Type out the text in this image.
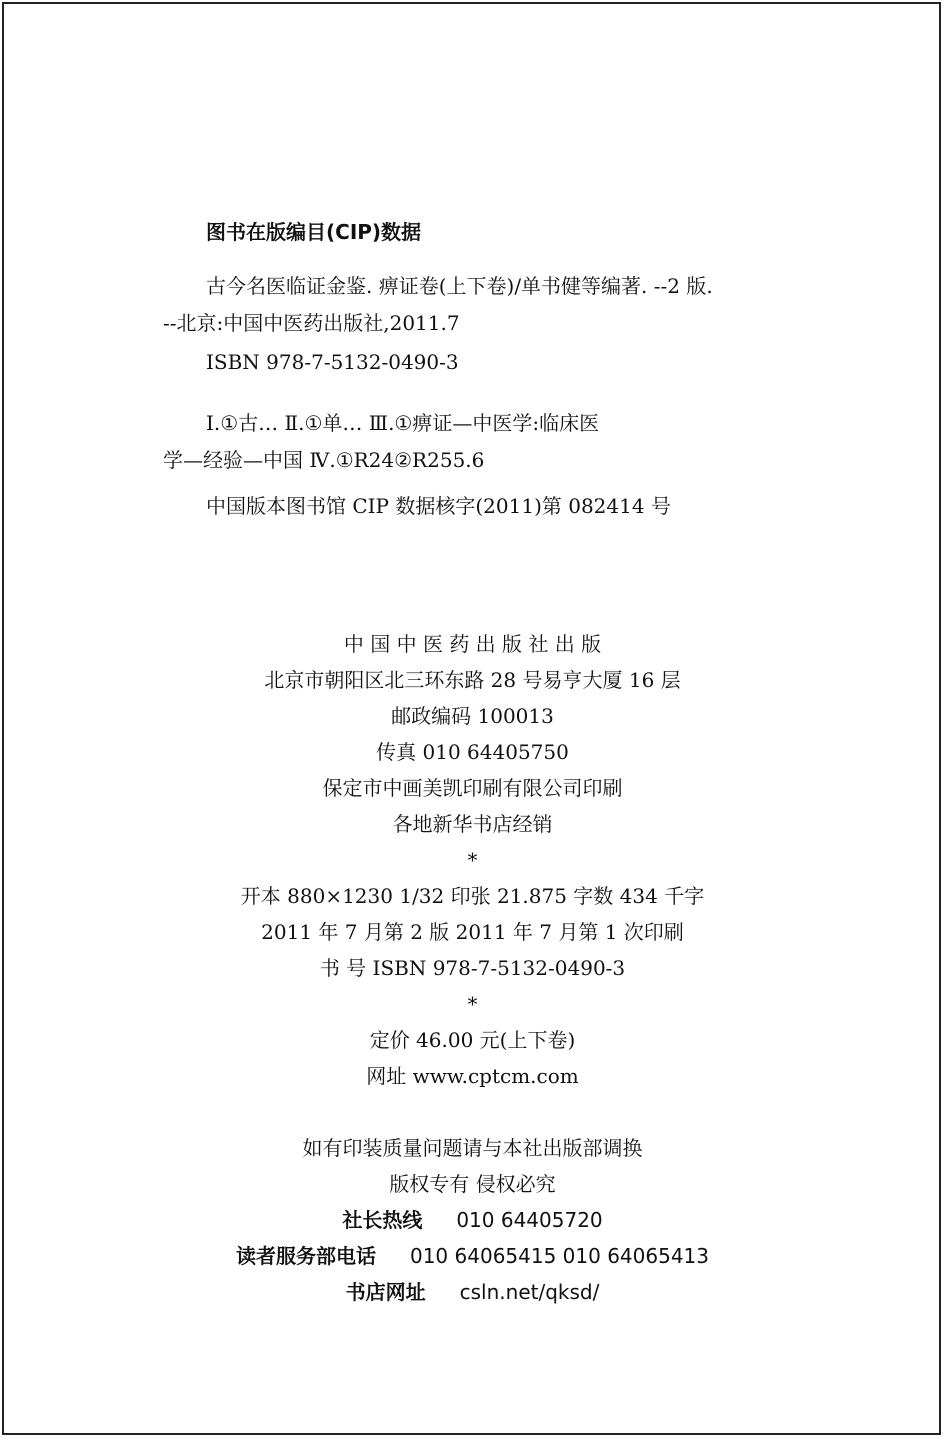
图书在版编目(CIP)数据
古今名医临证金鉴. 痹证卷(上下卷)/单书健等编著. --2 版.
--北京:中国中医药出版社,2011.7
ISBN 978-7-5132-0490-3
Ⅰ.①古… Ⅱ.①单… Ⅲ.①痹证—中医学:临床医
学—经验—中国 Ⅳ.①R24②R255.6
中国版本图书馆 CIP 数据核字(2011)第 082414 号
中 国 中 医 药 出 版 社 出 版
北京市朝阳区北三环东路 28 号易亨大厦 16 层
邮政编码 100013
传真 010 64405750
保定市中画美凯印刷有限公司印刷
各地新华书店经销
*
开本 880×1230 1/32 印张 21.875 字数 434 千字
2011 年 7 月第 2 版 2011 年 7 月第 1 次印刷
书 号 ISBN 978-7-5132-0490-3
*
定价 46.00 元(上下卷)
网址 www.cptcm.com
如有印装质量问题请与本社出版部调换
版权专有 侵权必究
社长热线 010 64405720
读者服务部电话 010 64065415 010 64065413
书店网址 csln.net/qksd/
